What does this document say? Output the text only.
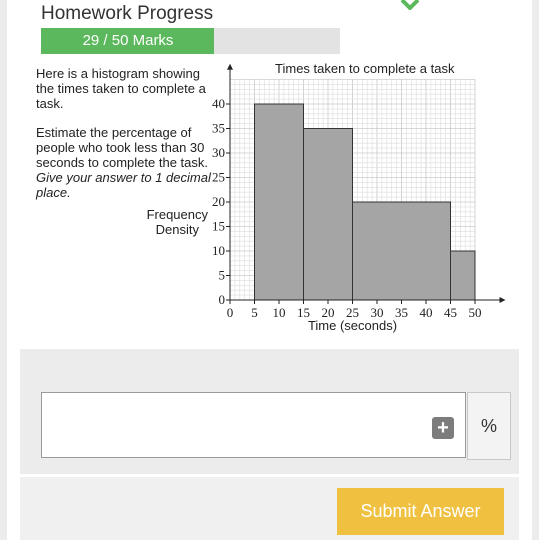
Homework Progress
29 / 50 Marks

Here is a histogram showing the times taken to complete a task.

Estimate the percentage of people who took less than 30 seconds to complete the task.

Give your answer to 1 decimal place.

0 5 10 15 20 25 30 35 40 45 50
0
5
10
15
20
25
30
35
40
Times taken to complete a task
Time (seconds)
Frequency
Density
+	%
Submit Answer
